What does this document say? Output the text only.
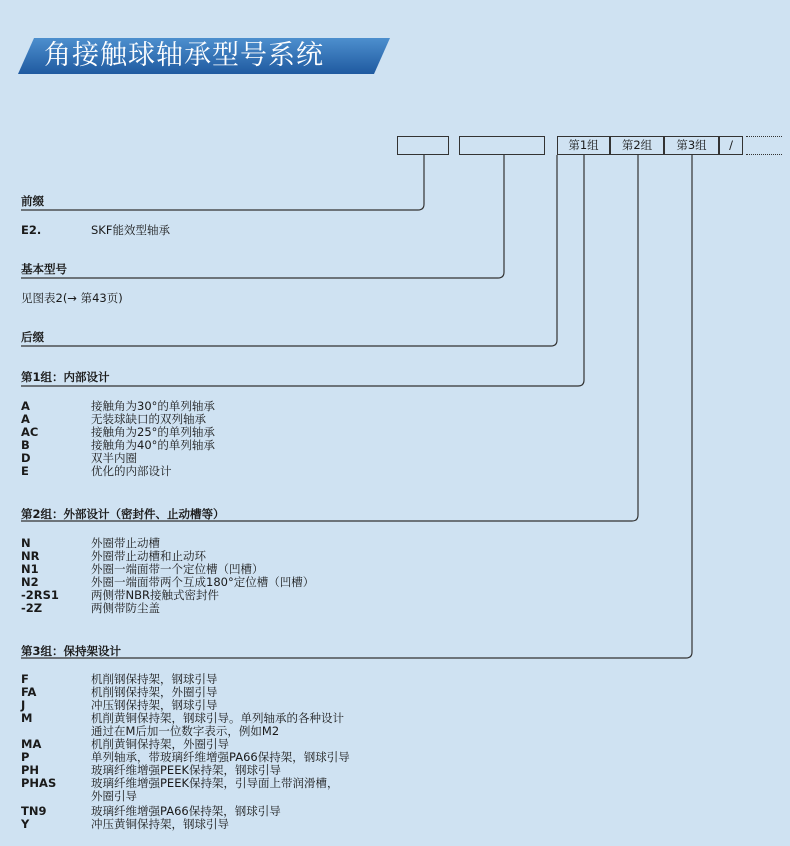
角接触球轴承型号系统
第1组	第2组	第3组	/
前缀
E2.	SKF能效型轴承
基本型号
见图表2(→ 第43页)
后缀
第1组：内部设计
A	接触角为30°的单列轴承
A	无装球缺口的双列轴承
AC	接触角为25°的单列轴承
B	接触角为40°的单列轴承
D	双半内圈
E	优化的内部设计
第2组：外部设计（密封件、止动槽等）
N	外圈带止动槽
NR	外圈带止动槽和止动环
N1	外圈一端面带一个定位槽（凹槽）
N2	外圈一端面带两个互成180°定位槽（凹槽）
-2RS1	两侧带NBR接触式密封件
-2Z	两侧带防尘盖
第3组：保持架设计
F	机削钢保持架，钢球引导
FA	机削钢保持架，外圈引导
J	冲压钢保持架，钢球引导
M	机削黄铜保持架，钢球引导。单列轴承的各种设计
通过在M后加一位数字表示，例如M2
MA	机削黄铜保持架，外圈引导
P	单列轴承，带玻璃纤维增强PA66保持架，钢球引导
PH	玻璃纤维增强PEEK保持架，钢球引导
PHAS	玻璃纤维增强PEEK保持架，引导面上带润滑槽，
外圈引导
TN9	玻璃纤维增强PA66保持架，钢球引导
Y	冲压黄铜保持架，钢球引导
